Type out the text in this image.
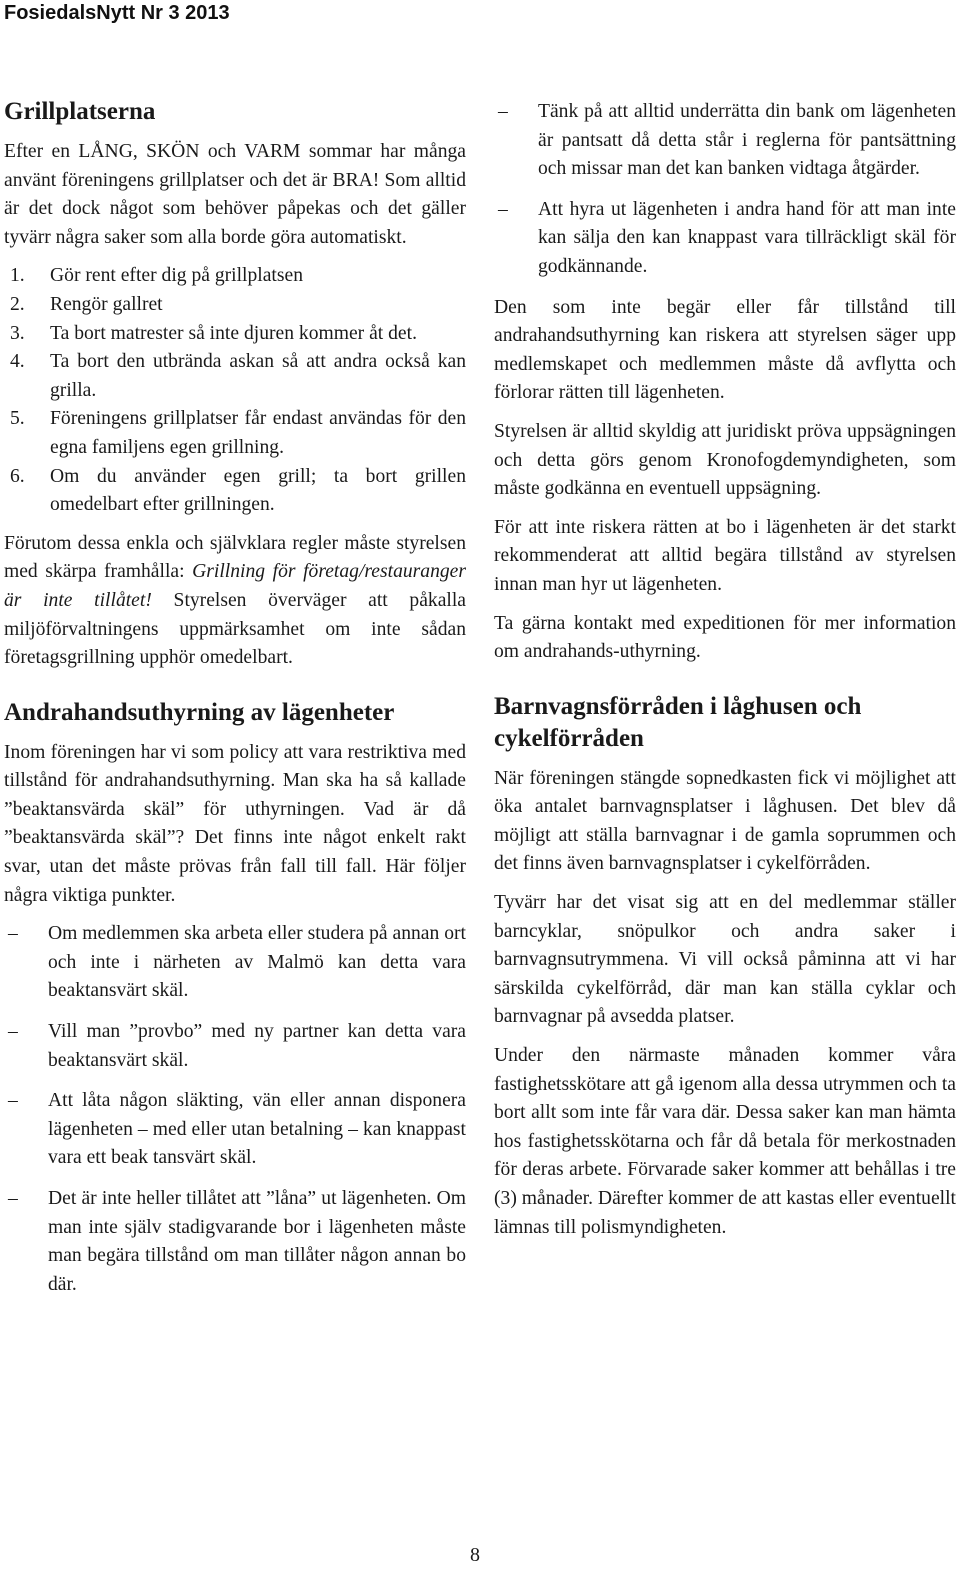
FosiedalsNytt Nr 3 2013
Grillplatserna

Efter en LÅNG, SKÖN och VARM sommar har många använt föreningens grillplatser och det är BRA! Som alltid är det dock något som behöver påpekas och det gäller tyvärr några saker som alla borde göra automatiskt.

1.	Gör rent efter dig på grillplatsen
2.	Rengör gallret
3.	Ta bort matrester så inte djuren kommer åt det.
4.	Ta bort den utbrända askan så att andra också kan grilla.
5.	Föreningens grillplatser får endast användas för den egna familjens egen grillning.
6.	Om du använder egen grill; ta bort grillen omedelbart efter grillningen.

Förutom dessa enkla och självklara regler måste styrelsen med skärpa framhålla: Grillning för företag/restauranger är inte tillåtet! Styrelsen överväger att påkalla miljöförvaltningens uppmärksamhet om inte sådan företagsgrillning upphör omedelbart.

Andrahandsuthyrning av lägenheter

Inom föreningen har vi som policy att vara restriktiva med tillstånd för andrahandsuthyrning. Man ska ha så kallade ”beaktansvärda skäl” för uthyrningen. Vad är då ”beaktansvärda skäl”? Det finns inte något enkelt rakt svar, utan det måste prövas från fall till fall. Här följer några viktiga punkter.

– Om medlemmen ska arbeta eller studera på annan ort och inte i närheten av Malmö kan detta vara beaktansvärt skäl.
– Vill man ”provbo” med ny partner kan detta vara beaktansvärt skäl.
– Att låta någon släkting, vän eller annan disponera lägenheten – med eller utan betalning – kan knappast vara ett beak tansvärt skäl.
– Det är inte heller tillåtet att ”låna” ut lägenheten. Om man inte själv stadigvarande bor i lägenheten måste man begära tillstånd om man tillåter någon annan bo där.
– Tänk på att alltid underrätta din bank om lägenheten är pantsatt då detta står i reglerna för pantsättning och missar man det kan banken vidtaga åtgärder.
– Att hyra ut lägenheten i andra hand för att man inte kan sälja den kan knappast vara tillräckligt skäl för godkännande.

Den som inte begär eller får tillstånd till andrahandsuthyrning kan riskera att styrelsen säger upp medlemskapet och medlemmen måste då avflytta och förlorar rätten till lägenheten.

Styrelsen är alltid skyldig att juridiskt pröva uppsägningen och detta görs genom Kronofogdemyndigheten, som måste godkänna en eventuell uppsägning.

För att inte riskera rätten at bo i lägenheten är det starkt rekommenderat att alltid begära tillstånd av styrelsen innan man hyr ut lägenheten.

Ta gärna kontakt med expeditionen för mer information om andrahands-uthyrning.

Barnvagnsförråden i låghusen och cykelförråden

När föreningen stängde sopnedkasten fick vi möjlighet att öka antalet barnvagnsplatser i låghusen. Det blev då möjligt att ställa barnvagnar i de gamla soprummen och det finns även barnvagnsplatser i cykelförråden.

Tyvärr har det visat sig att en del medlemmar ställer barncyklar, snöpulkor och andra saker i barnvagnsutrymmena. Vi vill också påminna att vi har särskilda cykelförråd, där man kan ställa cyklar och barnvagnar på avsedda platser.

Under den närmaste månaden kommer våra fastighetsskötare att gå igenom alla dessa utrymmen och ta bort allt som inte får vara där. Dessa saker kan man hämta hos fastighetsskötarna och får då betala för merkostnaden för deras arbete. Förvarade saker kommer att behållas i tre (3) månader. Därefter kommer de att kastas eller eventuellt lämnas till polismyndigheten.

8
